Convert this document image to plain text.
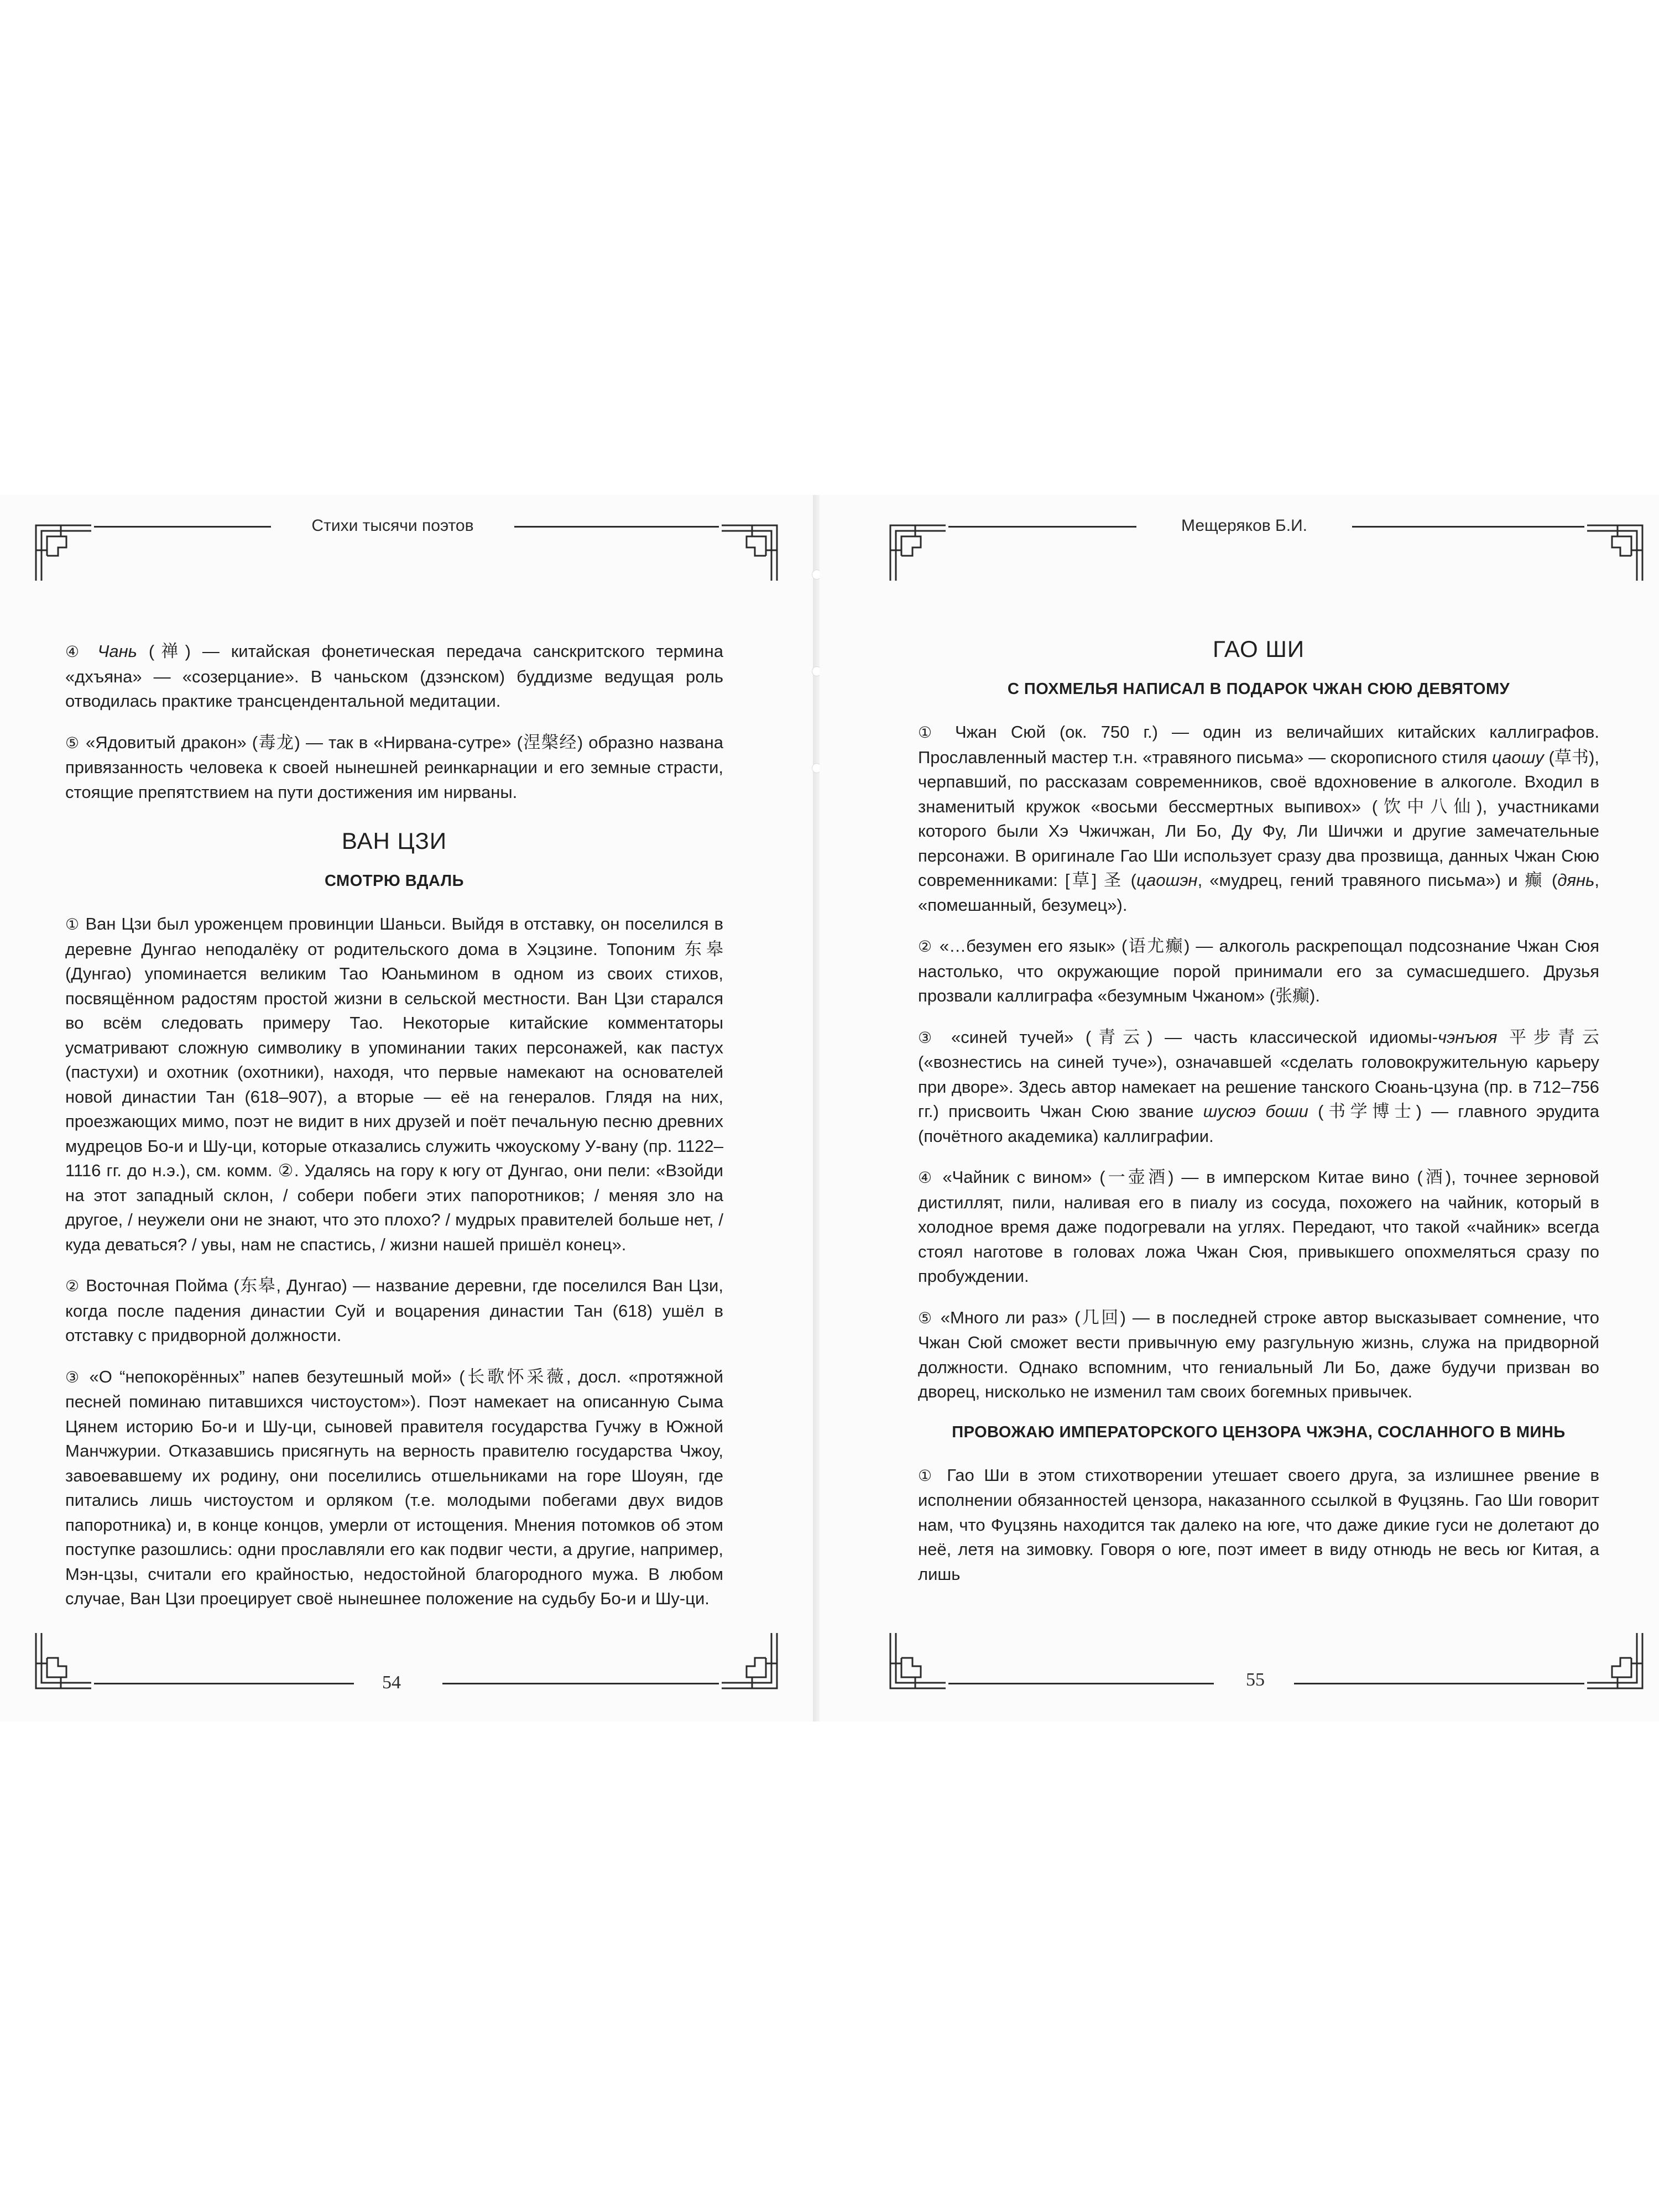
Стихи тысячи поэтов

④ Чань (禅) — китайская фонетическая передача санскритского термина «дхъяна» — «созерцание». В чаньском (дзэнском) буддизме ведущая роль отводилась практике трансцендентальной медитации.

⑤ «Ядовитый дракон» (毒龙) — так в «Нирвана-сутре» (涅槃经) образно названа привязанность человека к своей нынешней реинкарнации и его земные страсти, стоящие препятствием на пути достижения им нирваны.

ВАН ЦЗИ
СМОТРЮ ВДАЛЬ

① Ван Цзи был уроженцем провинции Шаньси. Выйдя в отставку, он поселился в деревне Дунгао неподалёку от родительского дома в Хэцзине. Топоним 东皋 (Дунгао) упоминается великим Тао Юаньмином в одном из своих стихов, посвящённом радостям простой жизни в сельской местности. Ван Цзи старался во всём следовать примеру Тао. Некоторые китайские комментаторы усматривают сложную символику в упоминании таких персонажей, как пастух (пастухи) и охотник (охотники), находя, что первые намекают на основателей новой династии Тан (618–907), а вторые — её на генералов. Глядя на них, проезжающих мимо, поэт не видит в них друзей и поёт печальную песню древних мудрецов Бо-и и Шу-ци, которые отказались служить чжоускому У-вану (пр. 1122–1116 гг. до н.э.), см. комм. ②. Удалясь на гору к югу от Дунгао, они пели: «Взойди на этот западный склон, / собери побеги этих папоротников; / меняя зло на другое, / неужели они не знают, что это плохо? / мудрых правителей больше нет, / куда деваться? / увы, нам не спастись, / жизни нашей пришёл конец».

② Восточная Пойма (东皋, Дунгао) — название деревни, где поселился Ван Цзи, когда после падения династии Суй и воцарения династии Тан (618) ушёл в отставку с придворной должности.

③ «О “непокорённых” напев безутешный мой» (长歌怀采薇, досл. «протяжной песней поминаю питавшихся чистоустом»). Поэт намекает на описанную Сыма Цянем историю Бо-и и Шу-ци, сыновей правителя государства Гучжу в Южной Манчжурии. Отказавшись присягнуть на верность правителю государства Чжоу, завоевавшему их родину, они поселились отшельниками на горе Шоуян, где питались лишь чистоустом и орляком (т.е. молодыми побегами двух видов папоротника) и, в конце концов, умерли от истощения. Мнения потомков об этом поступке разошлись: одни прославляли его как подвиг чести, а другие, например, Мэн-цзы, считали его крайностью, недостойной благородного мужа. В любом случае, Ван Цзи проецирует своё нынешнее положение на судьбу Бо-и и Шу-ци.

54
Мещеряков Б.И.
ГАО ШИ
С ПОХМЕЛЬЯ НАПИСАЛ В ПОДАРОК ЧЖАН СЮЮ ДЕВЯТОМУ

① Чжан Сюй (ок. 750 г.) — один из величайших китайских каллиграфов. Прославленный мастер т.н. «травяного письма» — скорописного стиля цаошу (草书), черпавший, по рассказам современников, своё вдохновение в алкоголе. Входил в знаменитый кружок «восьми бессмертных выпивох» (饮中八仙), участниками которого были Хэ Чжичжан, Ли Бо, Ду Фу, Ли Шичжи и другие замечательные персонажи. В оригинале Гао Ши использует сразу два прозвища, данных Чжан Сюю современниками: [草] 圣 (цаошэн, «мудрец, гений травяного письма») и 癫 (дянь, «помешанный, безумец»).

② «…безумен его язык» (语尤癫) — алкоголь раскрепощал подсознание Чжан Сюя настолько, что окружающие порой принимали его за сумасшедшего. Друзья прозвали каллиграфа «безумным Чжаном» (张癫).

③ «синей тучей» (青云) — часть классической идиомы-чэнъюя 平步青云 («вознестись на синей туче»), означавшей «сделать головокружительную карьеру при дворе». Здесь автор намекает на решение танского Сюань-цзуна (пр. в 712–756 гг.) присвоить Чжан Сюю звание шусюэ боши (书学博士) — главного эрудита (почётного академика) каллиграфии.

④ «Чайник с вином» (一壶酒) — в имперском Китае вино (酒), точнее зерновой дистиллят, пили, наливая его в пиалу из сосуда, похожего на чайник, который в холодное время даже подогревали на углях. Передают, что такой «чайник» всегда стоял наготове в головах ложа Чжан Сюя, привыкшего опохмеляться сразу по пробуждении.

⑤ «Много ли раз» (几回) — в последней строке автор высказывает сомнение, что Чжан Сюй сможет вести привычную ему разгульную жизнь, служа на придворной должности. Однако вспомним, что гениальный Ли Бо, даже будучи призван во дворец, нисколько не изменил там своих богемных привычек.

ПРОВОЖАЮ ИМПЕРАТОРСКОГО ЦЕНЗОРА ЧЖЭНА, СОСЛАННОГО В МИНЬ

① Гао Ши в этом стихотворении утешает своего друга, за излишнее рвение в исполнении обязанностей цензора, наказанного ссылкой в Фуцзянь. Гао Ши говорит нам, что Фуцзянь находится так далеко на юге, что даже дикие гуси не долетают до неё, летя на зимовку. Говоря о юге, поэт имеет в виду отнюдь не весь юг Китая, а лишь

55
